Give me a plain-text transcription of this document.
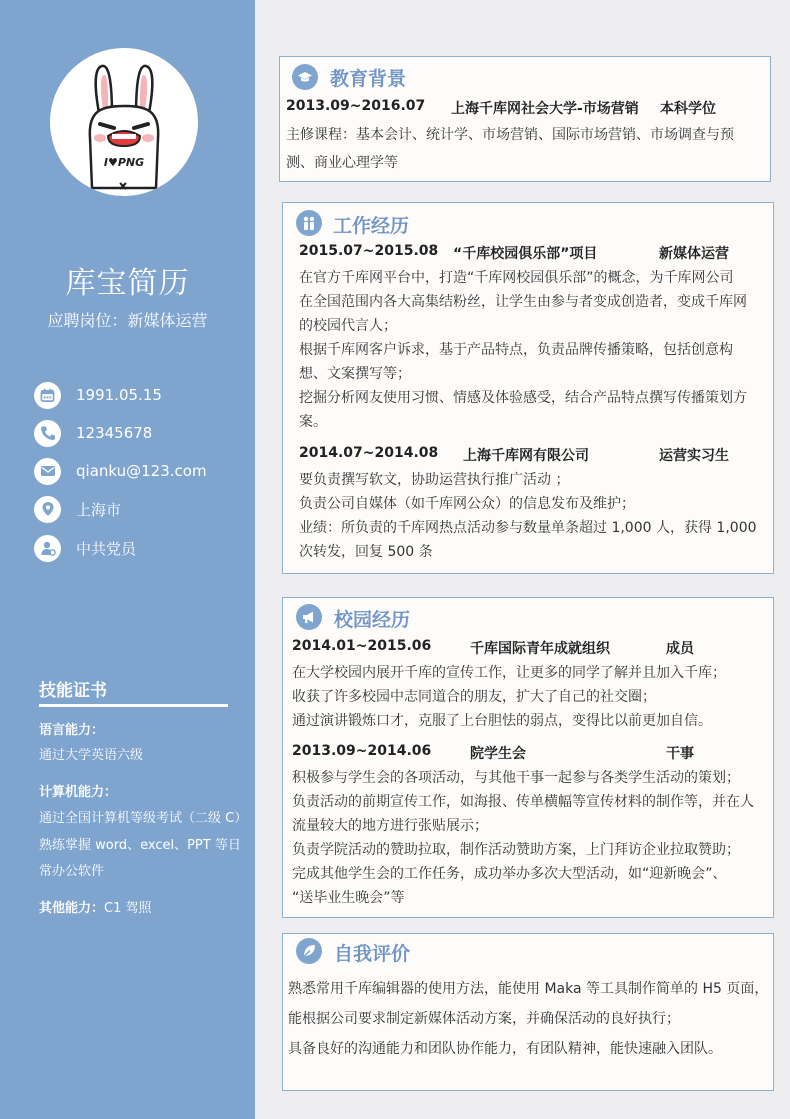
I♥PNG
库宝简历
应聘岗位：新媒体运营
1991.05.15
12345678
qianku@123.com
上海市
中共党员
技能证书
语言能力：
通过大学英语六级
计算机能力：
通过全国计算机等级考试（二级 C）
熟练掌握 word、excel、PPT 等日
常办公软件
其他能力：C1 驾照
教育背景
2013.09~2016.07 上海千库网社会大学-市场营销 本科学位
主修课程：基本会计、统计学、市场营销、国际市场营销、市场调查与预
测、商业心理学等
工作经历
2015.07~2015.08 “千库校园俱乐部”项目	新媒体运营
在官方千库网平台中，打造“千库网校园俱乐部”的概念，为千库网公司
在全国范围内各大高集结粉丝，让学生由参与者变成创造者，变成千库网
的校园代言人；
根据千库网客户诉求，基于产品特点，负责品牌传播策略，包括创意构
想、文案撰写等；
挖掘分析网友使用习惯、情感及体验感受，结合产品特点撰写传播策划方
案。
2014.07~2014.08 上海千库网有限公司	运营实习生
要负责撰写软文，协助运营执行推广活动 ；
负责公司自媒体（如千库网公众）的信息发布及维护；
业绩：所负责的千库网热点活动参与数量单条超过 1,000 人，获得 1,000
次转发，回复 500 条
校园经历
2014.01~2015.06	千库国际青年成就组织	成员
在大学校园内展开千库的宣传工作，让更多的同学了解并且加入千库；
收获了许多校园中志同道合的朋友，扩大了自己的社交圈；
通过演讲锻炼口才，克服了上台胆怯的弱点，变得比以前更加自信。
2013.09~2014.06	院学生会	干事
积极参与学生会的各项活动，与其他干事一起参与各类学生活动的策划；
负责活动的前期宣传工作，如海报、传单横幅等宣传材料的制作等，并在人
流量较大的地方进行张贴展示；
负责学院活动的赞助拉取，制作活动赞助方案，上门拜访企业拉取赞助；
完成其他学生会的工作任务，成功举办多次大型活动，如“迎新晚会”、
“送毕业生晚会”等
自我评价
熟悉常用千库编辑器的使用方法，能使用 Maka 等工具制作简单的 H5 页面，
能根据公司要求制定新媒体活动方案，并确保活动的良好执行；
具备良好的沟通能力和团队协作能力，有团队精神，能快速融入团队。
